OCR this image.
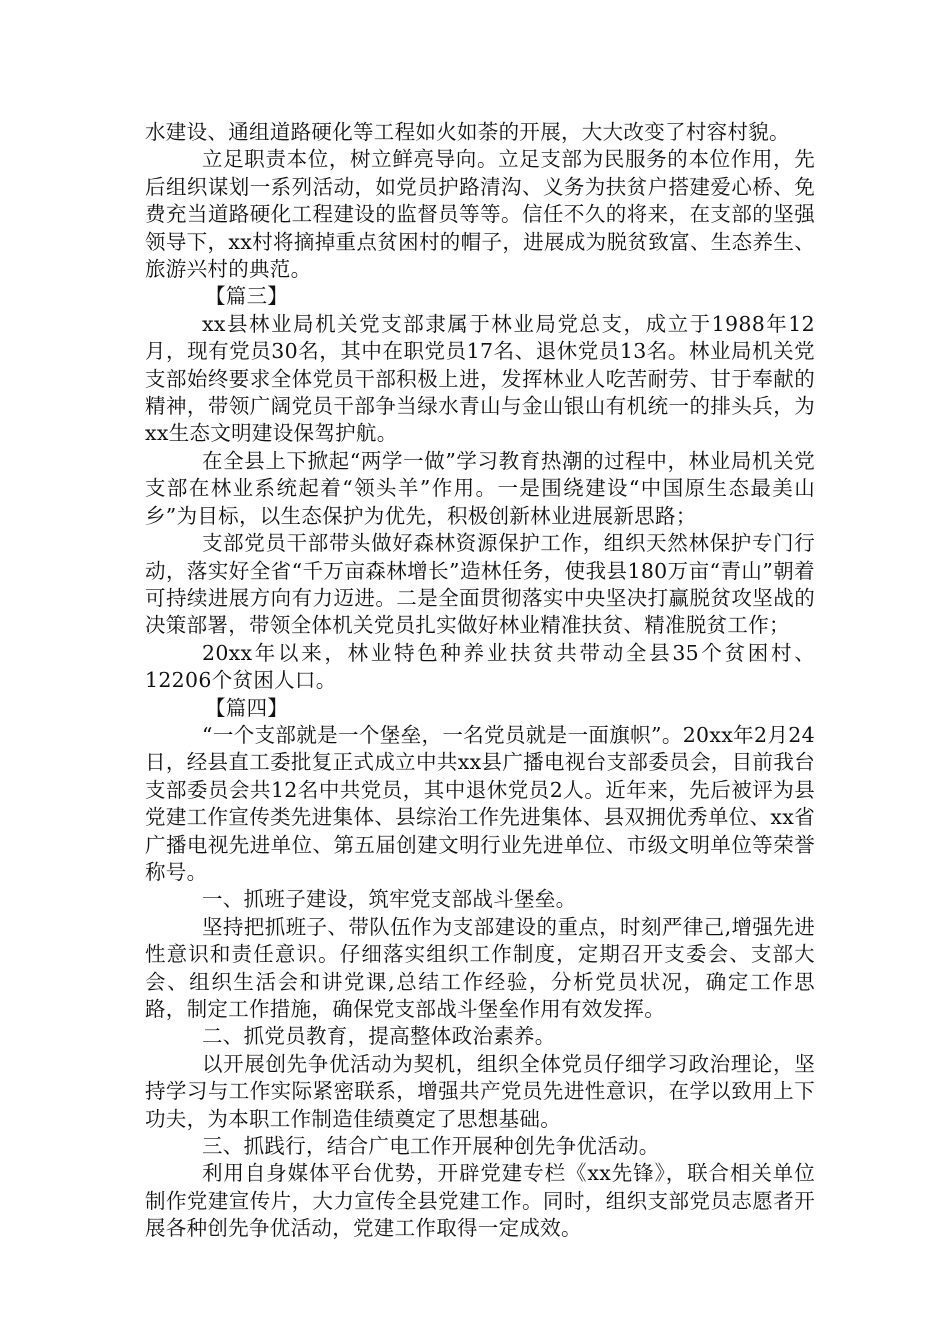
水建设、通组道路硬化等工程如火如荼的开展，大大改变了村容村貌。

立足职责本位，树立鲜亮导向。立足支部为民服务的本位作用，先后组织谋划一系列活动，如党员护路清沟、义务为扶贫户搭建爱心桥、免费充当道路硬化工程建设的监督员等等。信任不久的将来，在支部的坚强领导下，xx村将摘掉重点贫困村的帽子，进展成为脱贫致富、生态养生、旅游兴村的典范。

【篇三】

xx县林业局机关党支部隶属于林业局党总支，成立于1988年12月，现有党员30名，其中在职党员17名、退休党员13名。林业局机关党支部始终要求全体党员干部积极上进，发挥林业人吃苦耐劳、甘于奉献的精神，带领广阔党员干部争当绿水青山与金山银山有机统一的排头兵，为xx生态文明建设保驾护航。

在全县上下掀起“两学一做”学习教育热潮的过程中，林业局机关党支部在林业系统起着“领头羊”作用。一是围绕建设“中国原生态最美山乡”为目标，以生态保护为优先，积极创新林业进展新思路；

支部党员干部带头做好森林资源保护工作，组织天然林保护专门行动，落实好全省“千万亩森林增长”造林任务，使我县180万亩“青山”朝着可持续进展方向有力迈进。二是全面贯彻落实中央坚决打赢脱贫攻坚战的决策部署，带领全体机关党员扎实做好林业精准扶贫、精准脱贫工作；

20xx年以来，林业特色种养业扶贫共带动全县35个贫困村、12206个贫困人口。

【篇四】

“一个支部就是一个堡垒，一名党员就是一面旗帜”。20xx年2月24日，经县直工委批复正式成立中共xx县广播电视台支部委员会，目前我台支部委员会共12名中共党员，其中退休党员2人。近年来，先后被评为县党建工作宣传类先进集体、县综治工作先进集体、县双拥优秀单位、xx省广播电视先进单位、第五届创建文明行业先进单位、市级文明单位等荣誉称号。

一、抓班子建设，筑牢党支部战斗堡垒。

坚持把抓班子、带队伍作为支部建设的重点，时刻严律己,增强先进性意识和责任意识。仔细落实组织工作制度，定期召开支委会、支部大会、组织生活会和讲党课,总结工作经验，分析党员状况，确定工作思路，制定工作措施，确保党支部战斗堡垒作用有效发挥。

二、抓党员教育，提高整体政治素养。

以开展创先争优活动为契机，组织全体党员仔细学习政治理论，坚持学习与工作实际紧密联系，增强共产党员先进性意识，在学以致用上下功夫，为本职工作制造佳绩奠定了思想基础。

三、抓践行，结合广电工作开展种创先争优活动。

利用自身媒体平台优势，开辟党建专栏《xx先锋》，联合相关单位制作党建宣传片，大力宣传全县党建工作。同时，组织支部党员志愿者开展各种创先争优活动，党建工作取得一定成效。
